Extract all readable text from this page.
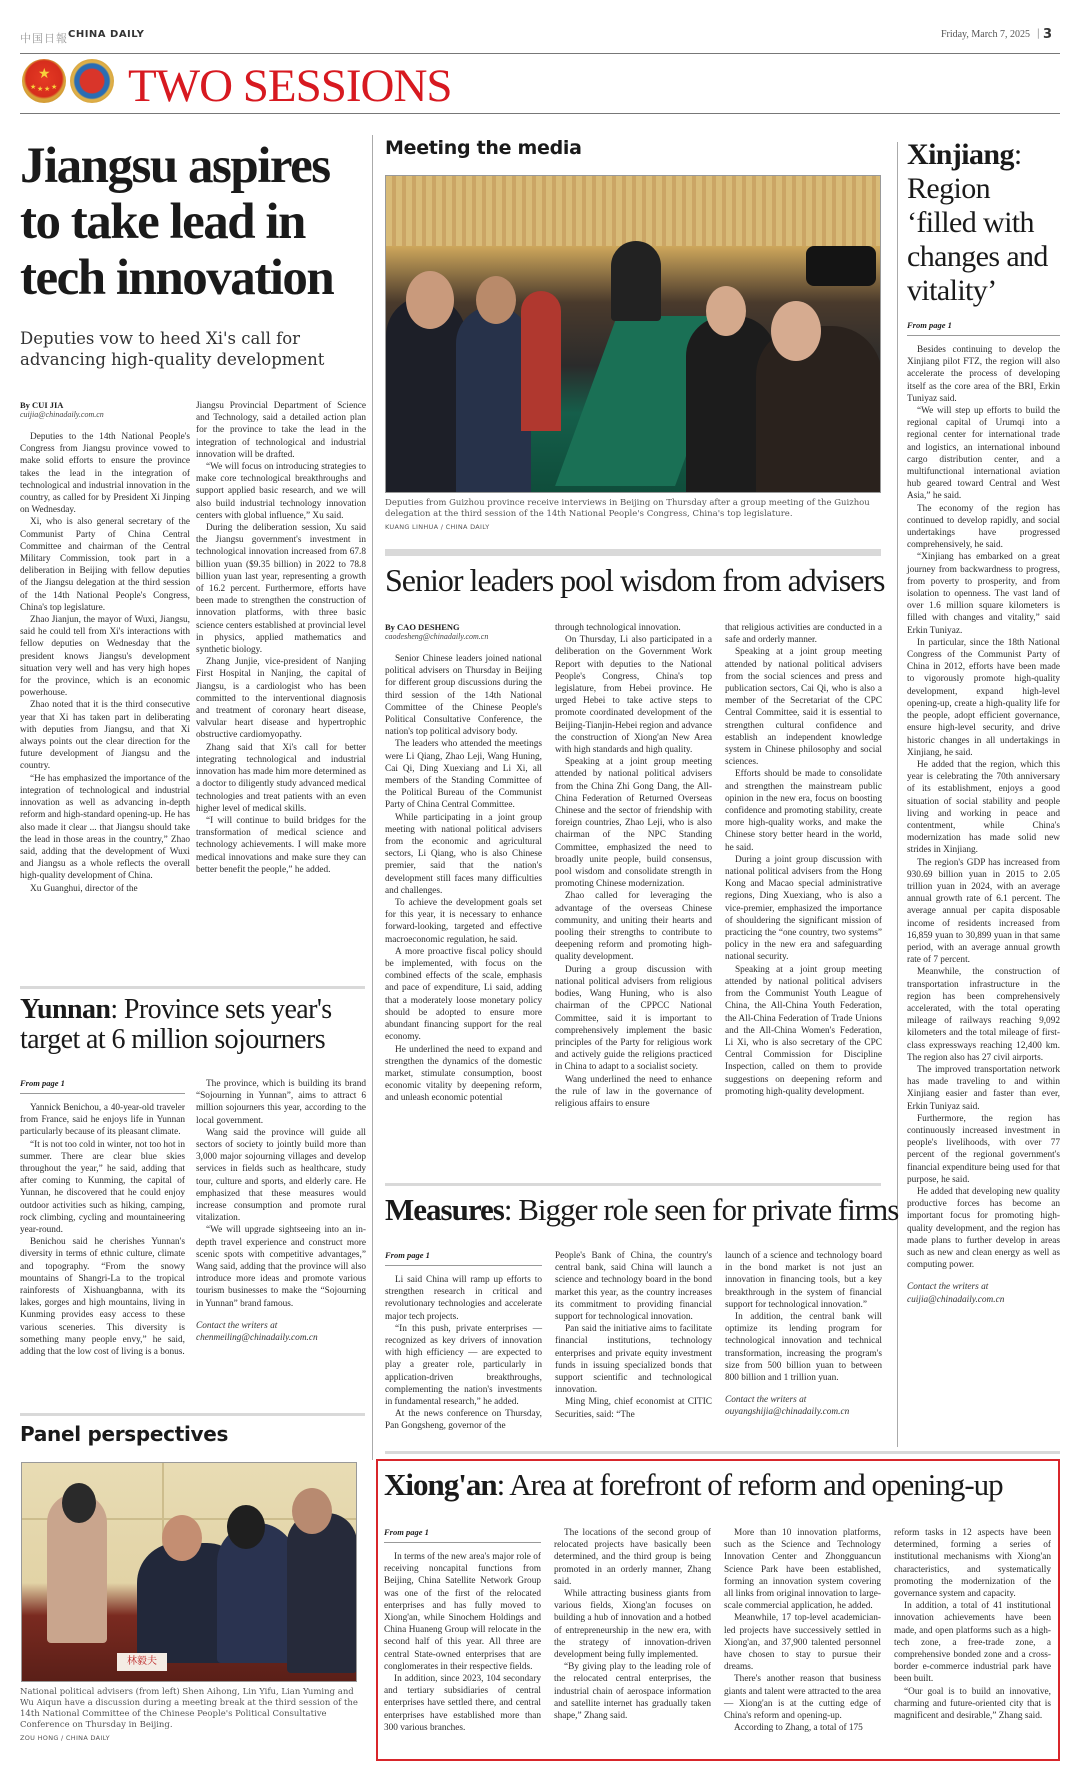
中国日報 CHINA DAILY	Friday, March 7, 2025 | 3
★
★ ★ ★ ★ TWO SESSIONS
Jiangsu aspires
to take lead in
tech innovation
Deputies vow to heed Xi's call for advancing high-quality development
By CUI JIA
cuijia@chinadaily.com.cn

Deputies to the 14th National People's Congress from Jiangsu province vowed to make solid efforts to ensure the province takes the lead in the integration of technological and industrial innovation in the country, as called for by President Xi Jinping on Wednesday.

Xi, who is also general secretary of the Communist Party of China Central Committee and chairman of the Central Military Commission, took part in a deliberation in Beijing with fellow deputies of the Jiangsu delegation at the third session of the 14th National People's Congress, China's top legislature.

Zhao Jianjun, the mayor of Wuxi, Jiangsu, said he could tell from Xi's interactions with fellow deputies on Wednesday that the president knows Jiangsu's development situation very well and has very high hopes for the province, which is an economic powerhouse.

Zhao noted that it is the third consecutive year that Xi has taken part in deliberating with deputies from Jiangsu, and that Xi always points out the clear direction for the future development of Jiangsu and the country.

“He has emphasized the importance of the integration of technological and industrial innovation as well as advancing in-depth reform and high-standard opening-up. He has also made it clear ... that Jiangsu should take the lead in those areas in the country,” Zhao said, adding that the development of Wuxi and Jiangsu as a whole reflects the overall high-quality development of China.

Xu Guanghui, director of the

Jiangsu Provincial Department of Science and Technology, said a detailed action plan for the province to take the lead in the integration of technological and industrial innovation will be drafted.

“We will focus on introducing strategies to make core technological breakthroughs and support applied basic research, and we will also build industrial technology innovation centers with global influence,” Xu said.

During the deliberation session, Xu said the Jiangsu government's investment in technological innovation increased from 67.8 billion yuan ($9.35 billion) in 2022 to 78.8 billion yuan last year, representing a growth of 16.2 percent. Furthermore, efforts have been made to strengthen the construction of innovation platforms, with three basic science centers established at provincial level in physics, applied mathematics and synthetic biology.

Zhang Junjie, vice-president of Nanjing First Hospital in Nanjing, the capital of Jiangsu, is a cardiologist who has been committed to the interventional diagnosis and treatment of coronary heart disease, valvular heart disease and hypertrophic obstructive cardiomyopathy.

Zhang said that Xi's call for better integrating technological and industrial innovation has made him more determined as a doctor to diligently study advanced medical technologies and treat patients with an even higher level of medical skills.

“I will continue to build bridges for the transformation of medical science and technology achievements. I will make more medical innovations and make sure they can better benefit the people,” he added.

Yunnan: Province sets year's target at 6 million sojourners
From page 1

Yannick Benichou, a 40-year-old traveler from France, said he enjoys life in Yunnan particularly because of its pleasant climate.

“It is not too cold in winter, not too hot in summer. There are clear blue skies throughout the year,” he said, adding that after coming to Kunming, the capital of Yunnan, he discovered that he could enjoy outdoor activities such as hiking, camping, rock climbing, cycling and mountaineering year-round.

Benichou said he cherishes Yunnan's diversity in terms of ethnic culture, climate and topography. “From the snowy mountains of Shangri-La to the tropical rainforests of Xishuangbanna, with its lakes, gorges and high mountains, living in Kunming provides easy access to these various sceneries. This diversity is something many people envy,” he said, adding that the low cost of living is a bonus.

The province, which is building its brand “Sojourning in Yunnan”, aims to attract 6 million sojourners this year, according to the local government.

Wang said the province will guide all sectors of society to jointly build more than 3,000 major sojourning villages and develop services in fields such as healthcare, study tour, culture and sports, and elderly care. He emphasized that these measures would increase consumption and promote rural vitalization.

“We will upgrade sightseeing into an in-depth travel experience and construct more scenic spots with competitive advantages,” Wang said, adding that the province will also introduce more ideas and promote various tourism businesses to make the “Sojourning in Yunnan” brand famous.

Contact the writers at
chenmeiling@chinadaily.com.cn
Panel perspectives
林毅夫
National political advisers (from left) Shen Aihong, Lin Yifu, Lian Yuming and Wu Aiqun have a discussion during a meeting break at the third session of the 14th National Committee of the Chinese People's Political Consultative Conference on Thursday in Beijing.
ZOU HONG / CHINA DAILY
Meeting the media
Deputies from Guizhou province receive interviews in Beijing on Thursday after a group meeting of the Guizhou delegation at the third session of the 14th National People's Congress, China's top legislature.
KUANG LINHUA / CHINA DAILY
Senior leaders pool wisdom from advisers
By CAO DESHENG
caodesheng@chinadaily.com.cn

Senior Chinese leaders joined national political advisers on Thursday in Beijing for different group discussions during the third session of the 14th National Committee of the Chinese People's Political Consultative Conference, the nation's top political advisory body.

The leaders who attended the meetings were Li Qiang, Zhao Leji, Wang Huning, Cai Qi, Ding Xuexiang and Li Xi, all members of the Standing Committee of the Political Bureau of the Communist Party of China Central Committee.

While participating in a joint group meeting with national political advisers from the economic and agricultural sectors, Li Qiang, who is also Chinese premier, said that the nation's development still faces many difficulties and challenges.

To achieve the development goals set for this year, it is necessary to enhance forward-looking, targeted and effective macroeconomic regulation, he said.

A more proactive fiscal policy should be implemented, with focus on the combined effects of the scale, emphasis and pace of expenditure, Li said, adding that a moderately loose monetary policy should be adopted to ensure more abundant financing support for the real economy.

He underlined the need to expand and strengthen the dynamics of the domestic market, stimulate consumption, boost economic vitality by deepening reform, and unleash economic potential

through technological innovation.

On Thursday, Li also participated in a deliberation on the Government Work Report with deputies to the National People's Congress, China's top legislature, from Hebei province. He urged Hebei to take active steps to promote coordinated development of the Beijing-Tianjin-Hebei region and advance the construction of Xiong'an New Area with high standards and high quality.

Speaking at a joint group meeting attended by national political advisers from the China Zhi Gong Dang, the All-China Federation of Returned Overseas Chinese and the sector of friendship with foreign countries, Zhao Leji, who is also chairman of the NPC Standing Committee, emphasized the need to broadly unite people, build consensus, pool wisdom and consolidate strength in promoting Chinese modernization.

Zhao called for leveraging the advantage of the overseas Chinese community, and uniting their hearts and pooling their strengths to contribute to deepening reform and promoting high-quality development.

During a group discussion with national political advisers from religious bodies, Wang Huning, who is also chairman of the CPPCC National Committee, said it is important to comprehensively implement the basic principles of the Party for religious work and actively guide the religions practiced in China to adapt to a socialist society.

Wang underlined the need to enhance the rule of law in the governance of religious affairs to ensure

that religious activities are conducted in a safe and orderly manner.

Speaking at a joint group meeting attended by national political advisers from the social sciences and press and publication sectors, Cai Qi, who is also a member of the Secretariat of the CPC Central Committee, said it is essential to strengthen cultural confidence and establish an independent knowledge system in Chinese philosophy and social sciences.

Efforts should be made to consolidate and strengthen the mainstream public opinion in the new era, focus on boosting confidence and promoting stability, create more high-quality works, and make the Chinese story better heard in the world, he said.

During a joint group discussion with national political advisers from the Hong Kong and Macao special administrative regions, Ding Xuexiang, who is also a vice-premier, emphasized the importance of shouldering the significant mission of practicing the “one country, two systems” policy in the new era and safeguarding national security.

Speaking at a joint group meeting attended by national political advisers from the Communist Youth League of China, the All-China Youth Federation, the All-China Federation of Trade Unions and the All-China Women's Federation, Li Xi, who is also secretary of the CPC Central Commission for Discipline Inspection, called on them to provide suggestions on deepening reform and promoting high-quality development.

Measures: Bigger role seen for private firms
From page 1

Li said China will ramp up efforts to strengthen research in critical and revolutionary technologies and accelerate major tech projects.

“In this push, private enterprises — recognized as key drivers of innovation with high efficiency — are expected to play a greater role, particularly in application-driven breakthroughs, complementing the nation's investments in fundamental research,” he added.

At the news conference on Thursday, Pan Gongsheng, governor of the

People's Bank of China, the country's central bank, said China will launch a science and technology board in the bond market this year, as the country increases its commitment to providing financial support for technological innovation.

Pan said the initiative aims to facilitate financial institutions, technology enterprises and private equity investment funds in issuing specialized bonds that support scientific and technological innovation.

Ming Ming, chief economist at CITIC Securities, said: “The

launch of a science and technology board in the bond market is not just an innovation in financing tools, but a key breakthrough in the system of financial support for technological innovation.”

In addition, the central bank will optimize its lending program for technological innovation and technical transformation, increasing the program's size from 500 billion yuan to between 800 billion and 1 trillion yuan.

Contact the writers at
ouyangshijia@chinadaily.com.cn
Xinjiang: Region ‘filled with changes and vitality’
From page 1

Besides continuing to develop the Xinjiang pilot FTZ, the region will also accelerate the process of developing itself as the core area of the BRI, Erkin Tuniyaz said.

“We will step up efforts to build the regional capital of Urumqi into a regional center for international trade and logistics, an international inbound cargo distribution center, and a multifunctional international aviation hub geared toward Central and West Asia,” he said.

The economy of the region has continued to develop rapidly, and social undertakings have progressed comprehensively, he said.

“Xinjiang has embarked on a great journey from backwardness to progress, from poverty to prosperity, and from isolation to openness. The vast land of over 1.6 million square kilometers is filled with changes and vitality,” said Erkin Tuniyaz.

In particular, since the 18th National Congress of the Communist Party of China in 2012, efforts have been made to vigorously promote high-quality development, expand high-level opening-up, create a high-quality life for the people, adopt efficient governance, ensure high-level security, and drive historic changes in all undertakings in Xinjiang, he said.

He added that the region, which this year is celebrating the 70th anniversary of its establishment, enjoys a good situation of social stability and people living and working in peace and contentment, while China's modernization has made solid new strides in Xinjiang.

The region's GDP has increased from 930.69 billion yuan in 2015 to 2.05 trillion yuan in 2024, with an average annual growth rate of 6.1 percent. The average annual per capita disposable income of residents increased from 16,859 yuan to 30,899 yuan in that same period, with an average annual growth rate of 7 percent.

Meanwhile, the construction of transportation infrastructure in the region has been comprehensively accelerated, with the total operating mileage of railways reaching 9,092 kilometers and the total mileage of first-class expressways reaching 12,400 km. The region also has 27 civil airports.

The improved transportation network has made traveling to and within Xinjiang easier and faster than ever, Erkin Tuniyaz said.

Furthermore, the region has continuously increased investment in people's livelihoods, with over 77 percent of the regional government's financial expenditure being used for that purpose, he said.

He added that developing new quality productive forces has become an important focus for promoting high-quality development, and the region has made plans to further develop in areas such as new and clean energy as well as computing power.

Contact the writers at
cuijia@chinadaily.com.cn
Xiong'an: Area at forefront of reform and opening-up
From page 1

In terms of the new area's major role of receiving noncapital functions from Beijing, China Satellite Network Group was one of the first of the relocated enterprises and has fully moved to Xiong'an, while Sinochem Holdings and China Huaneng Group will relocate in the second half of this year. All three are central State-owned enterprises that are conglomerates in their respective fields.

In addition, since 2023, 104 secondary and tertiary subsidiaries of central enterprises have settled there, and central enterprises have established more than 300 various branches.

The locations of the second group of relocated projects have basically been determined, and the third group is being promoted in an orderly manner, Zhang said.

While attracting business giants from various fields, Xiong'an focuses on building a hub of innovation and a hotbed of entrepreneurship in the new era, with the strategy of innovation-driven development being fully implemented.

“By giving play to the leading role of the relocated central enterprises, the industrial chain of aerospace information and satellite internet has gradually taken shape,” Zhang said.

More than 10 innovation platforms, such as the Science and Technology Innovation Center and Zhongguancun Science Park have been established, forming an innovation system covering all links from original innovation to large-scale commercial application, he added.

Meanwhile, 17 top-level academician-led projects have successively settled in Xiong'an, and 37,900 talented personnel have chosen to stay to pursue their dreams.

There's another reason that business giants and talent were attracted to the area — Xiong'an is at the cutting edge of China's reform and opening-up.

According to Zhang, a total of 175

reform tasks in 12 aspects have been determined, forming a series of institutional mechanisms with Xiong'an characteristics, and systematically promoting the modernization of the governance system and capacity.

In addition, a total of 41 institutional innovation achievements have been made, and open platforms such as a high-tech zone, a free-trade zone, a comprehensive bonded zone and a cross-border e-commerce industrial park have been built.

“Our goal is to build an innovative, charming and future-oriented city that is magnificent and desirable,” Zhang said.
